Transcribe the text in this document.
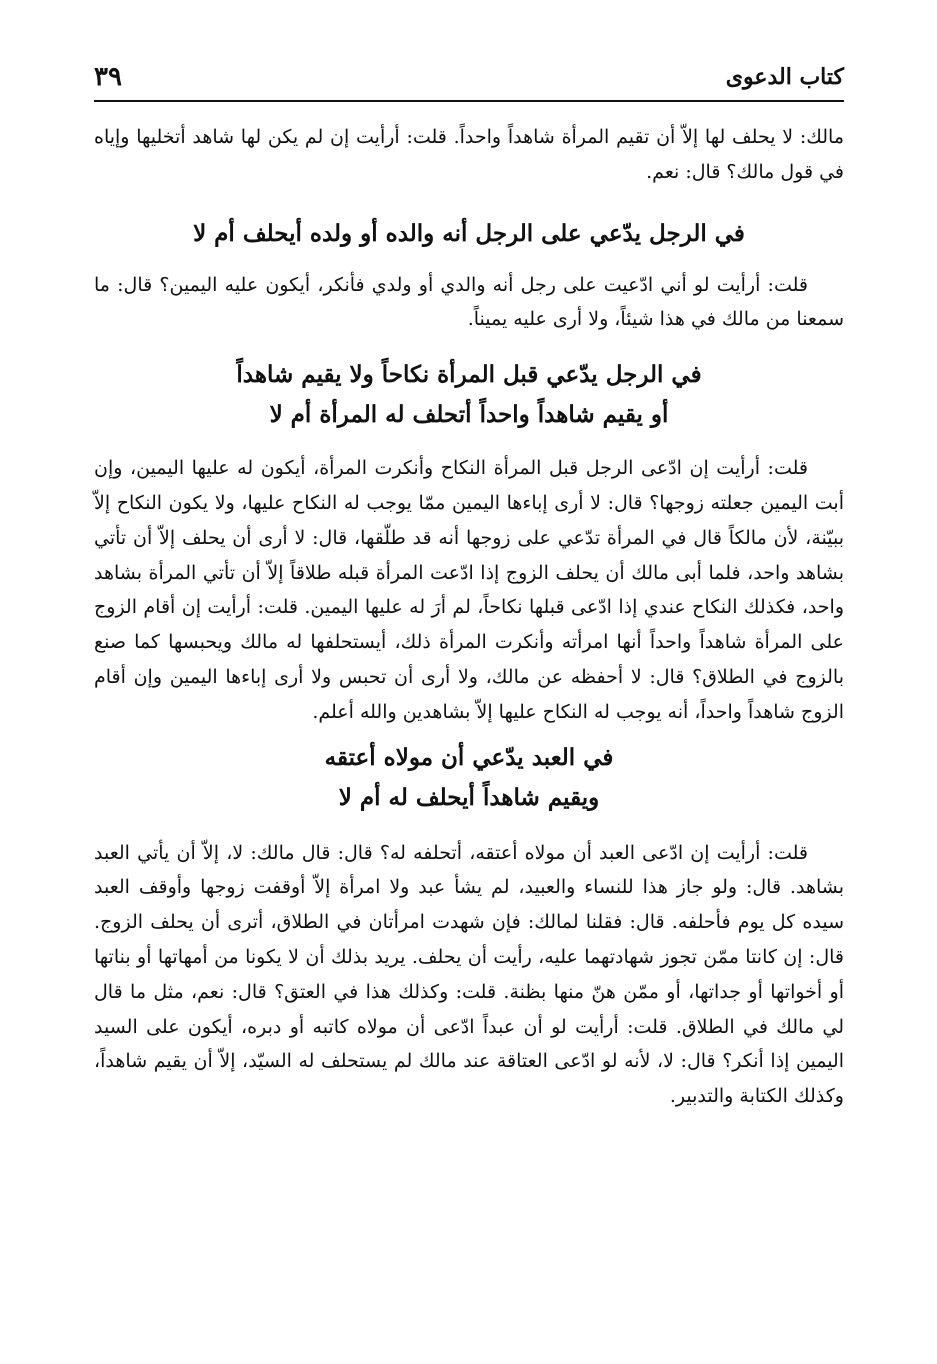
كتاب الدعوى
٣٩

مالك: لا يحلف لها إلاّ أن تقيم المرأة شاهداً واحداً. قلت: أرأيت إن لم يكن لها شاهد أتخليها وإياه في قول مالك؟ قال: نعم.

في الرجل يدّعي على الرجل أنه والده أو ولده أيحلف أم لا

قلت: أرأيت لو أني ادّعيت على رجل أنه والدي أو ولدي فأنكر، أيكون عليه اليمين؟ قال: ما سمعنا من مالك في هذا شيئاً، ولا أرى عليه يميناً.

في الرجل يدّعي قبل المرأة نكاحاً ولا يقيم شاهداً
أو يقيم شاهداً واحداً أتحلف له المرأة أم لا

قلت: أرأيت إن ادّعى الرجل قبل المرأة النكاح وأنكرت المرأة، أيكون له عليها اليمين، وإن أبت اليمين جعلته زوجها؟ قال: لا أرى إباءها اليمين ممّا يوجب له النكاح عليها، ولا يكون النكاح إلاّ ببيّنة، لأن مالكاً قال في المرأة تدّعي على زوجها أنه قد طلّقها، قال: لا أرى أن يحلف إلاّ أن تأتي بشاهد واحد، فلما أبى مالك أن يحلف الزوج إذا ادّعت المرأة قبله طلاقاً إلاّ أن تأتي المرأة بشاهد واحد، فكذلك النكاح عندي إذا ادّعى قبلها نكاحاً، لم أرَ له عليها اليمين. قلت: أرأيت إن أقام الزوج على المرأة شاهداً واحداً أنها امرأته وأنكرت المرأة ذلك، أيستحلفها له مالك ويحبسها كما صنع بالزوج في الطلاق؟ قال: لا أحفظه عن مالك، ولا أرى أن تحبس ولا أرى إباءها اليمين وإن أقام الزوج شاهداً واحداً، أنه يوجب له النكاح عليها إلاّ بشاهدين والله أعلم.

في العبد يدّعي أن مولاه أعتقه
ويقيم شاهداً أيحلف له أم لا

قلت: أرأيت إن ادّعى العبد أن مولاه أعتقه، أتحلفه له؟ قال: قال مالك: لا، إلاّ أن يأتي العبد بشاهد. قال: ولو جاز هذا للنساء والعبيد، لم يشأ عبد ولا امرأة إلاّ أوقفت زوجها وأوقف العبد سيده كل يوم فأحلفه. قال: فقلنا لمالك: فإن شهدت امرأتان في الطلاق، أترى أن يحلف الزوج. قال: إن كانتا ممّن تجوز شهادتهما عليه، رأيت أن يحلف. يريد بذلك أن لا يكونا من أمهاتها أو بناتها أو أخواتها أو جداتها، أو ممّن هنّ منها بظنة. قلت: وكذلك هذا في العتق؟ قال: نعم، مثل ما قال لي مالك في الطلاق. قلت: أرأيت لو أن عبداً ادّعى أن مولاه كاتبه أو دبره، أيكون على السيد اليمين إذا أنكر؟ قال: لا، لأنه لو ادّعى العتاقة عند مالك لم يستحلف له السيّد، إلاّ أن يقيم شاهداً، وكذلك الكتابة والتدبير.
